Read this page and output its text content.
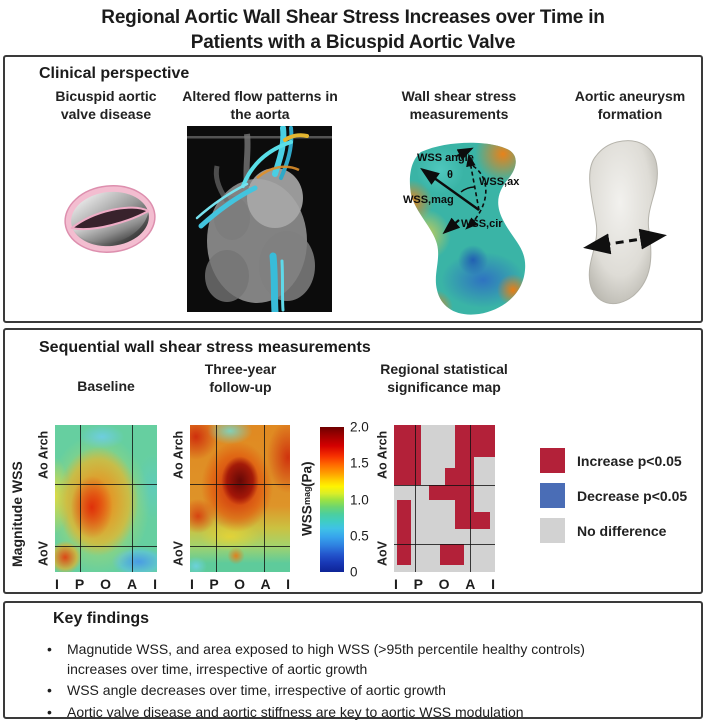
Regional Aortic Wall Shear Stress Increases over Time in
Patients with a Bicuspid Aortic Valve
Clinical perspective
Bicuspid aortic valve disease
Altered flow patterns in the aorta
Wall shear stress measurements
Aortic aneurysm formation
WSS angle
θ
WSS,ax
WSS,mag
WSS,cir
Sequential wall shear stress measurements
Magnitude WSS
Baseline
Three-year
follow-up
Regional statistical
significance map
Ao Arch
AoV
I P O A I
Ao Arch
AoV
I P O A I
WSS
mag
(Pa)
2.0
1.5
1.0
0.5
0
Ao Arch
AoV
I P O A I
Increase p<0.05
Decrease p<0.05
No difference
Key findings
•	Magnutide WSS, and area exposed to high WSS (>95th percentile healthy controls) increases over time, irrespective of aortic growth
•	WSS angle decreases over time, irrespective of aortic growth
•	Aortic valve disease and aortic stiffness are key to aortic WSS modulation
